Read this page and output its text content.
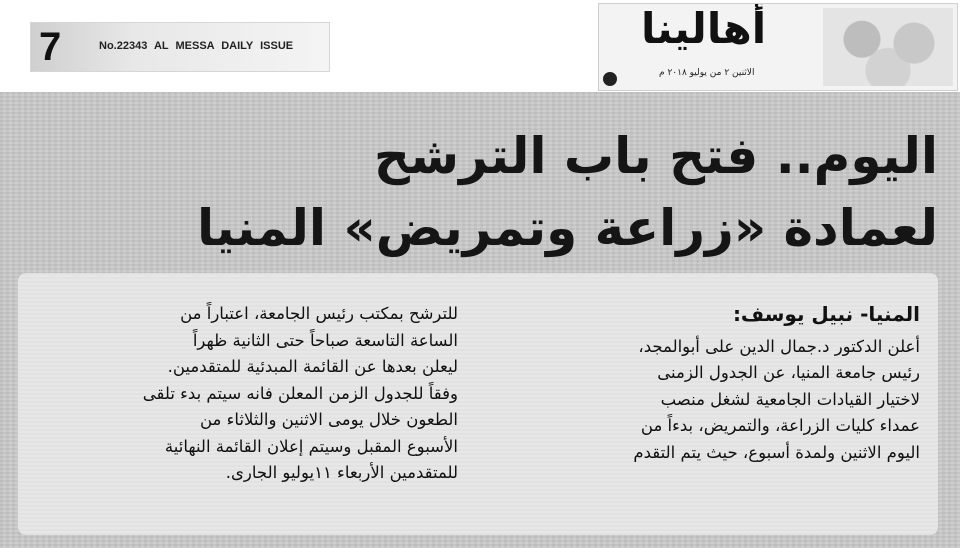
7	No.22343 AL MESSA DAILY ISSUE	أهالينا
الاثنين ٢ من يوليو ٢٠١٨ م
اليوم.. فتح باب الترشح
لعمادة «زراعة وتمريض» المنيا
المنيا- نبيل يوسف:
أعلن الدكتور د.جمال الدين على أبوالمجد،
رئيس جامعة المنيا، عن الجدول الزمنى
لاختيار القيادات الجامعية لشغل منصب
عمداء كليات الزراعة، والتمريض، بدءاً من
اليوم الاثنين ولمدة أسبوع، حيث يتم التقدم
للترشح بمكتب رئيس الجامعة، اعتباراً من
الساعة التاسعة صباحاً حتى الثانية ظهراً
ليعلن بعدها عن القائمة المبدئية للمتقدمين.
وفقاً للجدول الزمن المعلن فانه سيتم بدء تلقى
الطعون خلال يومى الاثنين والثلاثاء من
الأسبوع المقبل وسيتم إعلان القائمة النهائية
للمتقدمين الأربعاء ١١يوليو الجارى.
